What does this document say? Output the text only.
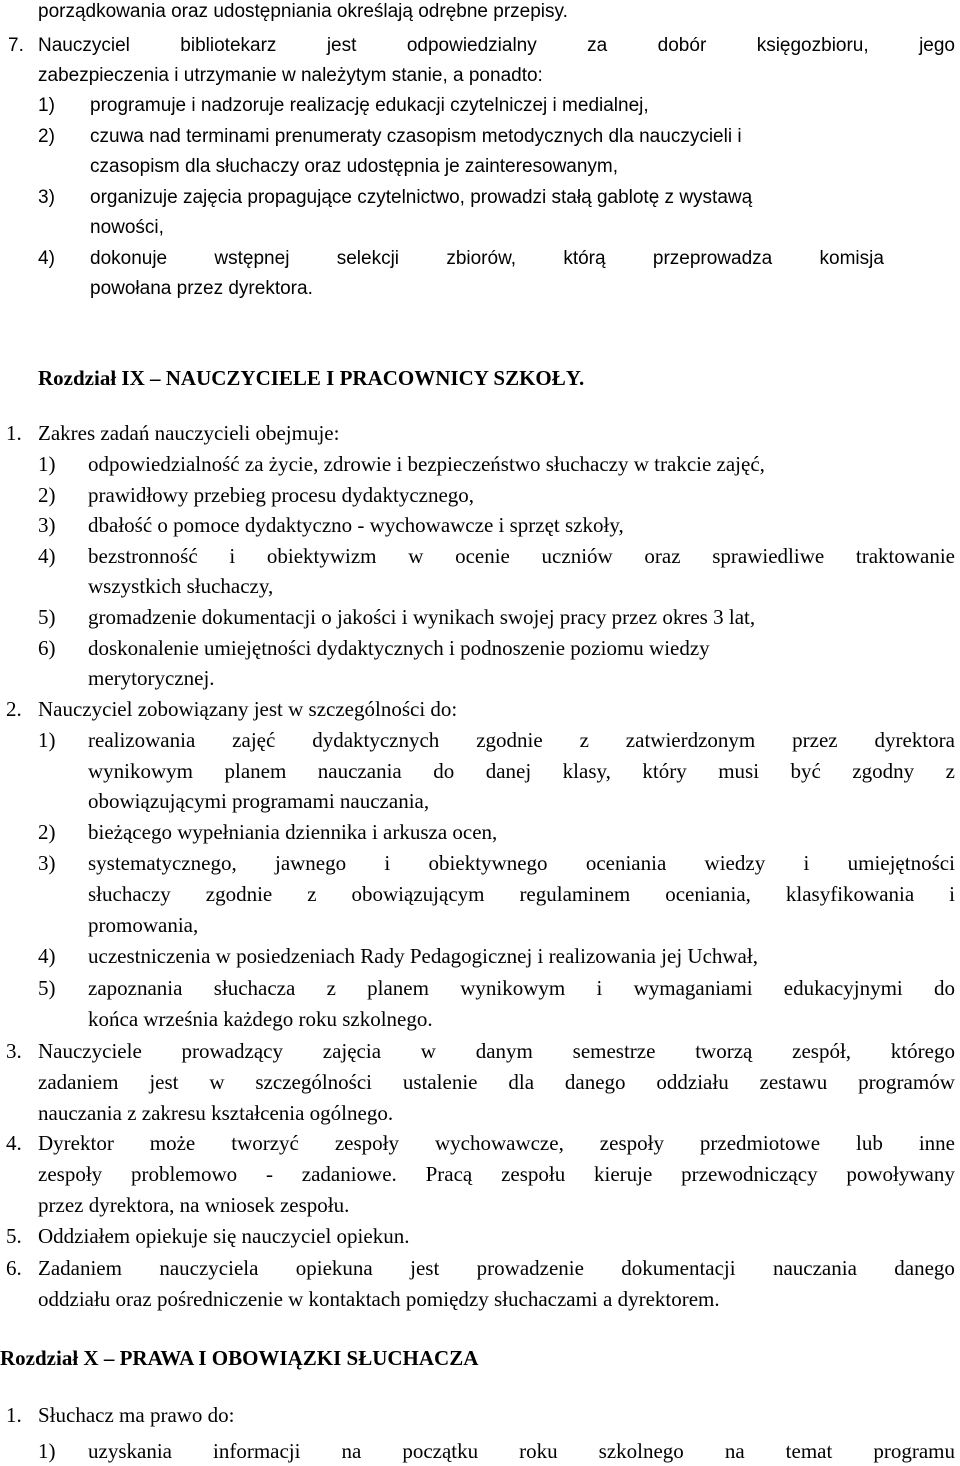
porządkowania oraz udostępniania określają odrębne przepisy.
7. Nauczyciel	bibliotekarz	jest	odpowiedzialny	za	dobór	księgozbioru,	jego
zabezpieczenia i utrzymanie w należytym stanie, a ponadto:
1) programuje i nadzoruje realizację edukacji czytelniczej i medialnej,
2) czuwa nad terminami prenumeraty czasopism metodycznych dla nauczycieli i
czasopism dla słuchaczy oraz udostępnia je zainteresowanym,
3) organizuje zajęcia propagujące czytelnictwo, prowadzi stałą gablotę z wystawą
nowości,
4) dokonuje wstępnej selekcji zbiorów, którą przeprowadza komisja
powołana przez dyrektora.
Rozdział IX – NAUCZYCIELE I PRACOWNICY SZKOŁY.
1. Zakres zadań nauczycieli obejmuje:
1) odpowiedzialność za życie, zdrowie i bezpieczeństwo słuchaczy w trakcie zajęć,
2) prawidłowy przebieg procesu dydaktycznego,
3) dbałość o pomoce dydaktyczno - wychowawcze i sprzęt szkoły,
4) bezstronność i obiektywizm w ocenie uczniów oraz sprawiedliwe traktowanie
wszystkich słuchaczy,
5) gromadzenie dokumentacji o jakości i wynikach swojej pracy przez okres 3 lat,
6) doskonalenie umiejętności dydaktycznych i podnoszenie poziomu wiedzy
merytorycznej.
2. Nauczyciel zobowiązany jest w szczególności do:
1) realizowania zajęć dydaktycznych zgodnie z zatwierdzonym przez dyrektora
wynikowym planem nauczania do danej klasy, który musi być zgodny z
obowiązującymi programami nauczania,
2) bieżącego wypełniania dziennika i arkusza ocen,
3) systematycznego, jawnego i obiektywnego oceniania wiedzy i umiejętności
słuchaczy zgodnie z obowiązującym regulaminem oceniania, klasyfikowania i
promowania,
4) uczestniczenia w posiedzeniach Rady Pedagogicznej i realizowania jej Uchwał,
5) zapoznania słuchacza z planem wynikowym i wymaganiami edukacyjnymi do
końca września każdego roku szkolnego.
3. Nauczyciele prowadzący zajęcia w danym semestrze tworzą zespół, którego
zadaniem jest w szczególności ustalenie dla danego oddziału zestawu programów
nauczania z zakresu kształcenia ogólnego.
4. Dyrektor może tworzyć zespoły wychowawcze, zespoły przedmiotowe lub inne
zespoły problemowo - zadaniowe. Pracą zespołu kieruje przewodniczący powoływany
przez dyrektora, na wniosek zespołu.
5. Oddziałem opiekuje się nauczyciel opiekun.
6. Zadaniem nauczyciela opiekuna jest prowadzenie dokumentacji nauczania danego
oddziału oraz pośredniczenie w kontaktach pomiędzy słuchaczami a dyrektorem.
Rozdział X – PRAWA I OBOWIĄZKI SŁUCHACZA
1. Słuchacz ma prawo do:
1) uzyskania informacji na początku roku szkolnego na temat programu
